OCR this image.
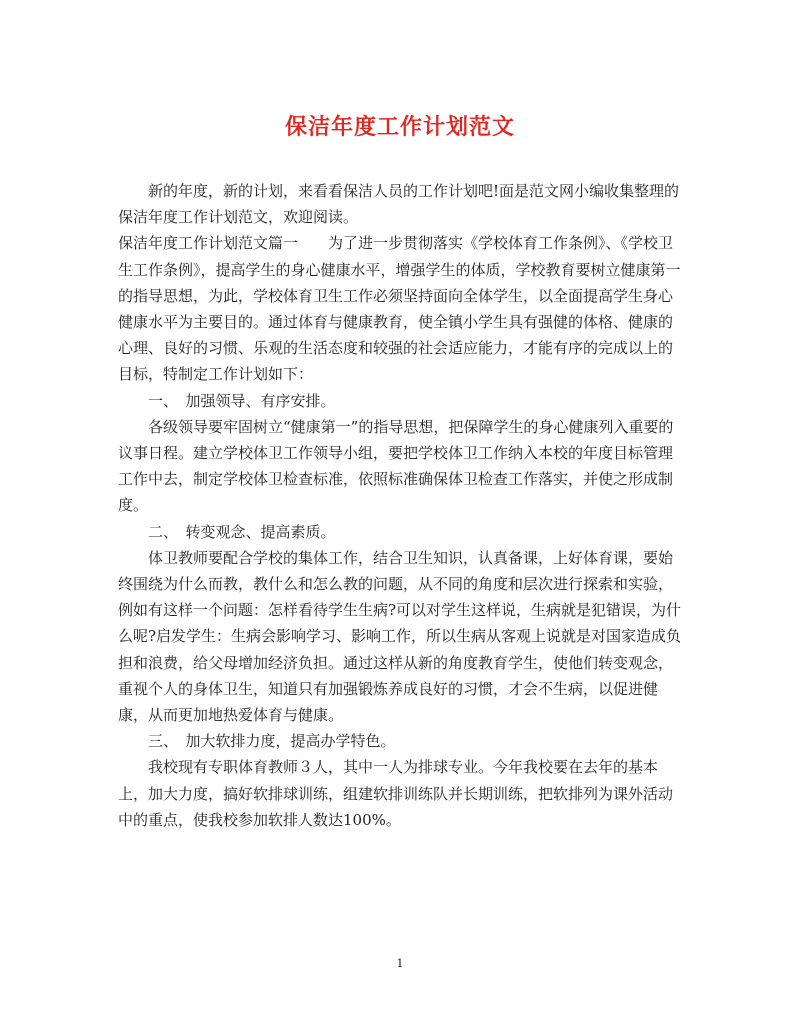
保洁年度工作计划范文

新的年度，新的计划，来看看保洁人员的工作计划吧!面是范文网小编收集整理的保洁年度工作计划范文，欢迎阅读。

保洁年度工作计划范文篇一　　为了进一步贯彻落实《学校体育工作条例》、《学校卫生工作条例》，提高学生的身心健康水平，增强学生的体质，学校教育要树立健康第一的指导思想，为此，学校体育卫生工作必须坚持面向全体学生，以全面提高学生身心健康水平为主要目的。通过体育与健康教育，使全镇小学生具有强健的体格、健康的心理、良好的习惯、乐观的生活态度和较强的社会适应能力，才能有序的完成以上的目标，特制定工作计划如下：

一、　加强领导、有序安排。

各级领导要牢固树立“健康第一”的指导思想，把保障学生的身心健康列入重要的议事日程。建立学校体卫工作领导小组，要把学校体卫工作纳入本校的年度目标管理工作中去，制定学校体卫检查标准，依照标准确保体卫检查工作落实，并使之形成制度。

二、　转变观念、提高素质。

体卫教师要配合学校的集体工作，结合卫生知识，认真备课，上好体育课，要始终围绕为什么而教，教什么和怎么教的问题，从不同的角度和层次进行探索和实验，例如有这样一个问题：怎样看待学生生病?可以对学生这样说，生病就是犯错误，为什么呢?启发学生：生病会影响学习、影响工作，所以生病从客观上说就是对国家造成负担和浪费，给父母增加经济负担。通过这样从新的角度教育学生，使他们转变观念，重视个人的身体卫生，知道只有加强锻炼养成良好的习惯，才会不生病，以促进健康，从而更加地热爱体育与健康。

三、　加大软排力度，提高办学特色。

我校现有专职体育教师３人，其中一人为排球专业。今年我校要在去年的基本上，加大力度，搞好软排球训练，组建软排训练队并长期训练，把软排列为课外活动中的重点，使我校参加软排人数达100%。

1
